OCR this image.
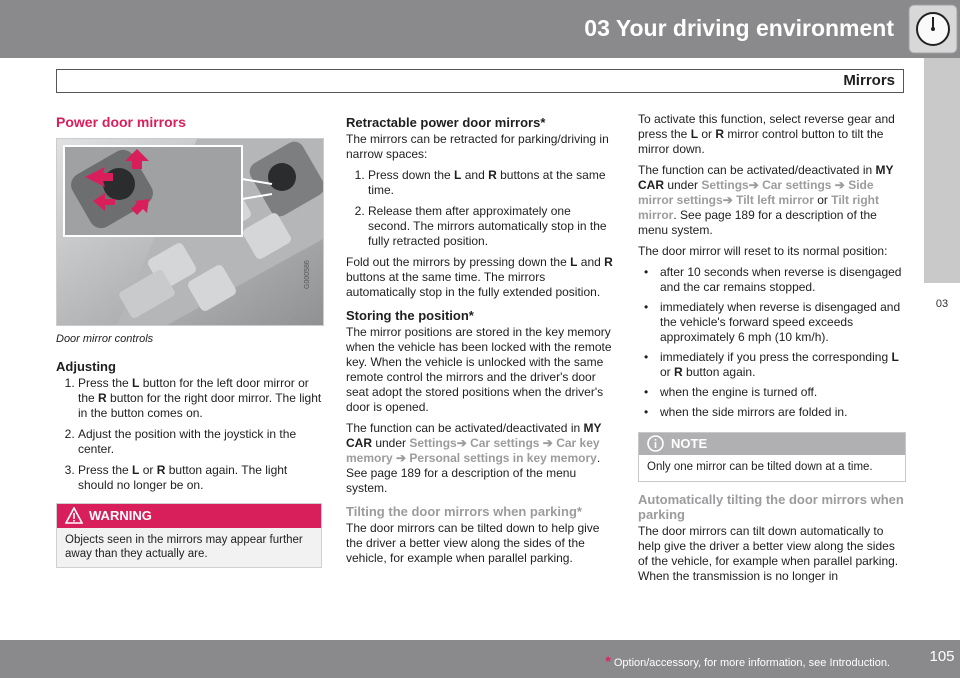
03 Your driving environment
Mirrors
03
Power door mirrors
G000586
Door mirror controls
Adjusting
1. Press the L button for the left door mirror or the R button for the right door mirror. The light in the button comes on.
2. Adjust the position with the joystick in the center.
3. Press the L or R button again. The light should no longer be on.
WARNING
Objects seen in the mirrors may appear further away than they actually are.
Retractable power door mirrors*

The mirrors can be retracted for parking/driving in narrow spaces:

1. Press down the L and R buttons at the same time.
2. Release them after approximately one second. The mirrors automatically stop in the fully retracted position.

Fold out the mirrors by pressing down the L and R buttons at the same time. The mirrors automatically stop in the fully extended position.

Storing the position*

The mirror positions are stored in the key memory when the vehicle has been locked with the remote key. When the vehicle is unlocked with the same remote control the mirrors and the driver's door seat adopt the stored positions when the driver's door is opened.

The function can be activated/deactivated in MY CAR under Settings➔ Car settings ➔ Car key memory ➔ Personal settings in key memory. See page 189 for a description of the menu system.

Tilting the door mirrors when parking*

The door mirrors can be tilted down to help give the driver a better view along the sides of the vehicle, for example when parallel parking.

To activate this function, select reverse gear and press the L or R mirror control button to tilt the mirror down.

The function can be activated/deactivated in MY CAR under Settings➔ Car settings ➔ Side mirror settings➔ Tilt left mirror or Tilt right mirror. See page 189 for a description of the menu system.

The door mirror will reset to its normal position:

• after 10 seconds when reverse is disengaged and the car remains stopped.
• immediately when reverse is disengaged and the vehicle's forward speed exceeds approximately 6 mph (10 km/h).
• immediately if you press the corresponding L or R button again.
• when the engine is turned off.
• when the side mirrors are folded in.
NOTE
Only one mirror can be tilted down at a time.
Automatically tilting the door mirrors when parking

The door mirrors can tilt down automatically to help give the driver a better view along the sides of the vehicle, for example when parallel parking. When the transmission is no longer in

* Option/accessory, for more information, see Introduction.	105
